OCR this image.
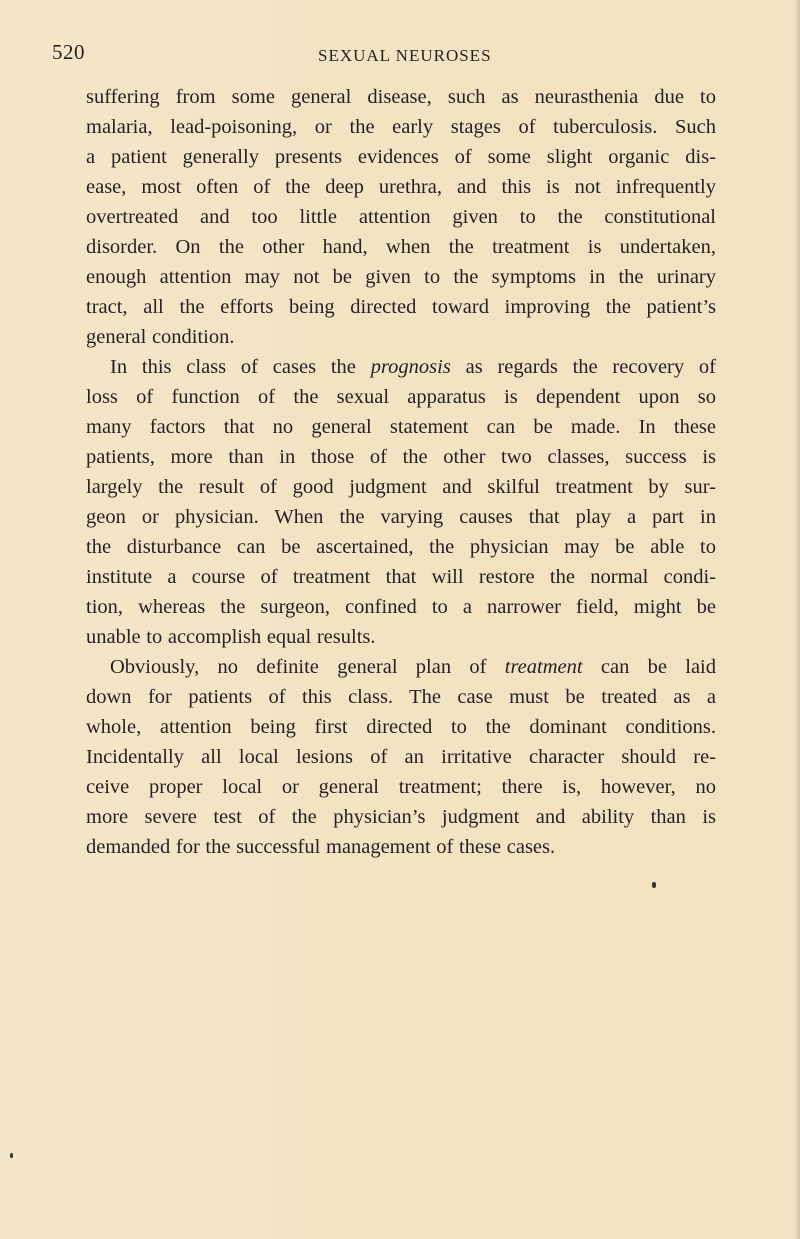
520	SEXUAL NEUROSES
suffering from some general disease, such as neurasthenia due to
malaria, lead-poisoning, or the early stages of tuberculosis. Such
a patient generally presents evidences of some slight organic dis-
ease, most often of the deep urethra, and this is not infrequently
overtreated and too little attention given to the constitutional
disorder. On the other hand, when the treatment is undertaken,
enough attention may not be given to the symptoms in the urinary
tract, all the efforts being directed toward improving the patient’s
general condition.
In this class of cases the prognosis as regards the recovery of
loss of function of the sexual apparatus is dependent upon so
many factors that no general statement can be made. In these
patients, more than in those of the other two classes, success is
largely the result of good judgment and skilful treatment by sur-
geon or physician. When the varying causes that play a part in
the disturbance can be ascertained, the physician may be able to
institute a course of treatment that will restore the normal condi-
tion, whereas the surgeon, confined to a narrower field, might be
unable to accomplish equal results.
Obviously, no definite general plan of treatment can be laid
down for patients of this class. The case must be treated as a
whole, attention being first directed to the dominant conditions.
Incidentally all local lesions of an irritative character should re-
ceive proper local or general treatment; there is, however, no
more severe test of the physician’s judgment and ability than is
demanded for the successful management of these cases.
